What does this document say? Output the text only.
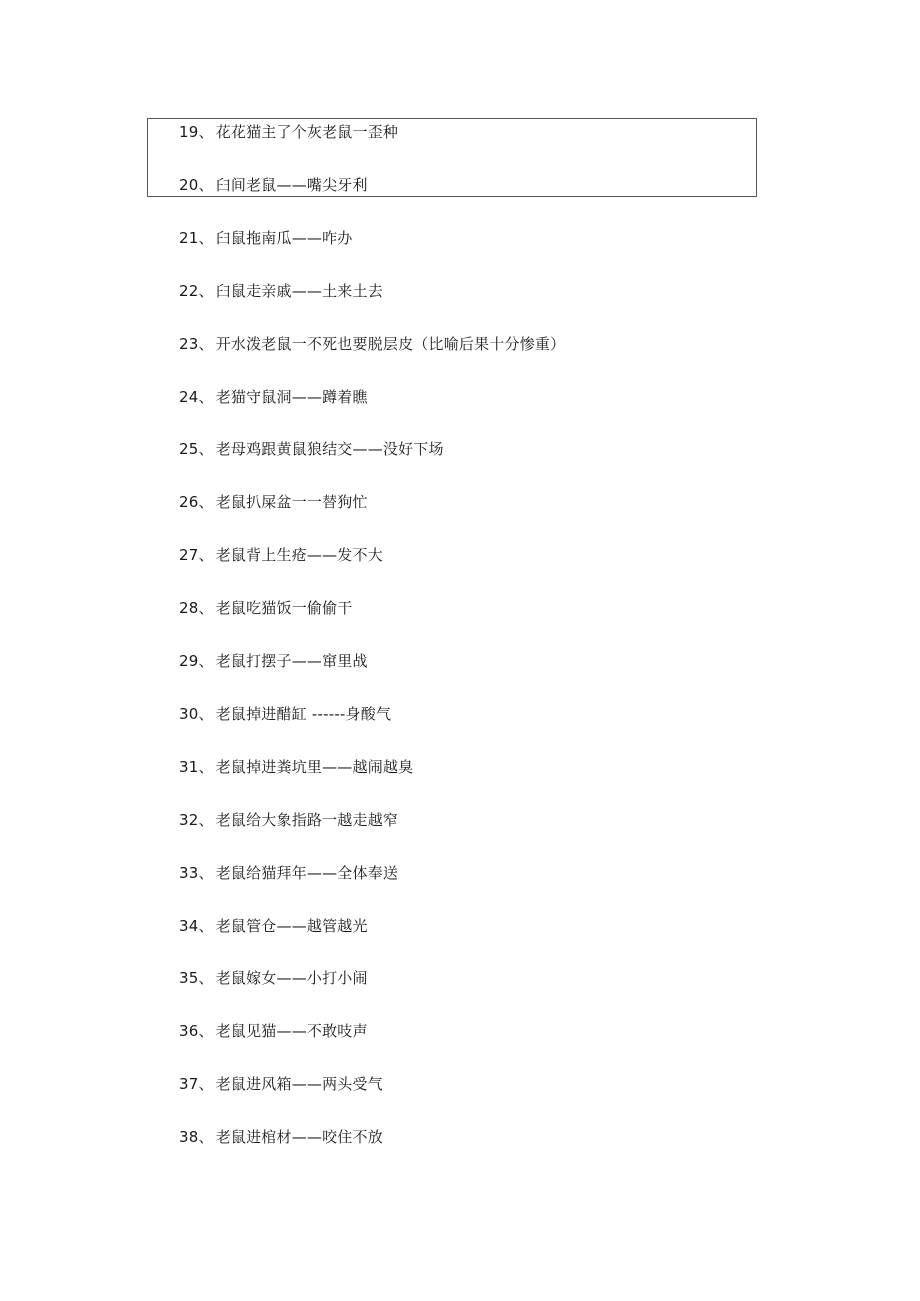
19、 花花猫主了个灰老鼠一歪种
20、 臼间老鼠——嘴尖牙利
21、 臼鼠拖南瓜——咋办
22、 臼鼠走亲戚——土来土去
23、 开水泼老鼠一不死也要脱层皮（比喻后果十分惨重）
24、 老猫守鼠洞——蹲着瞧
25、 老母鸡跟黄鼠狼结交——没好下场
26、 老鼠扒屎盆一一替狗忙
27、 老鼠背上生疮——发不大
28、 老鼠吃猫饭一偷偷干
29、 老鼠打摆子——窜里战
30、 老鼠掉进醋缸 ------身酸气
31、 老鼠掉进粪坑里——越闹越臭
32、 老鼠给大象指路一越走越窄
33、 老鼠给猫拜年——全体奉送
34、 老鼠管仓——越管越光
35、 老鼠嫁女——小打小闹
36、 老鼠见猫——不敢吱声
37、 老鼠进风箱——两头受气
38、 老鼠进棺材——咬住不放
